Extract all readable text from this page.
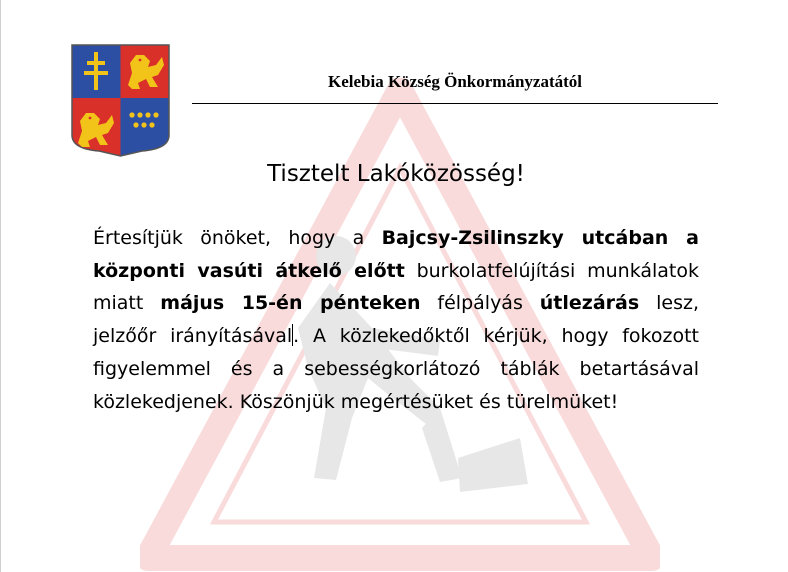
Kelebia Község Önkormányzatától
Tisztelt Lakóközösség!
Értesítjük önöket, hogy a Bajcsy-Zsilinszky utcában a központi vasúti átkelő előtt burkolatfelújítási munkálatok miatt május 15-én pénteken félpályás útlezárás lesz, jelzőőr irányításával. A közlekedőktől kérjük, hogy fokozott figyelemmel és a sebességkorlátozó táblák betartásával közlekedjenek. Köszönjük megértésüket és türelmüket!
